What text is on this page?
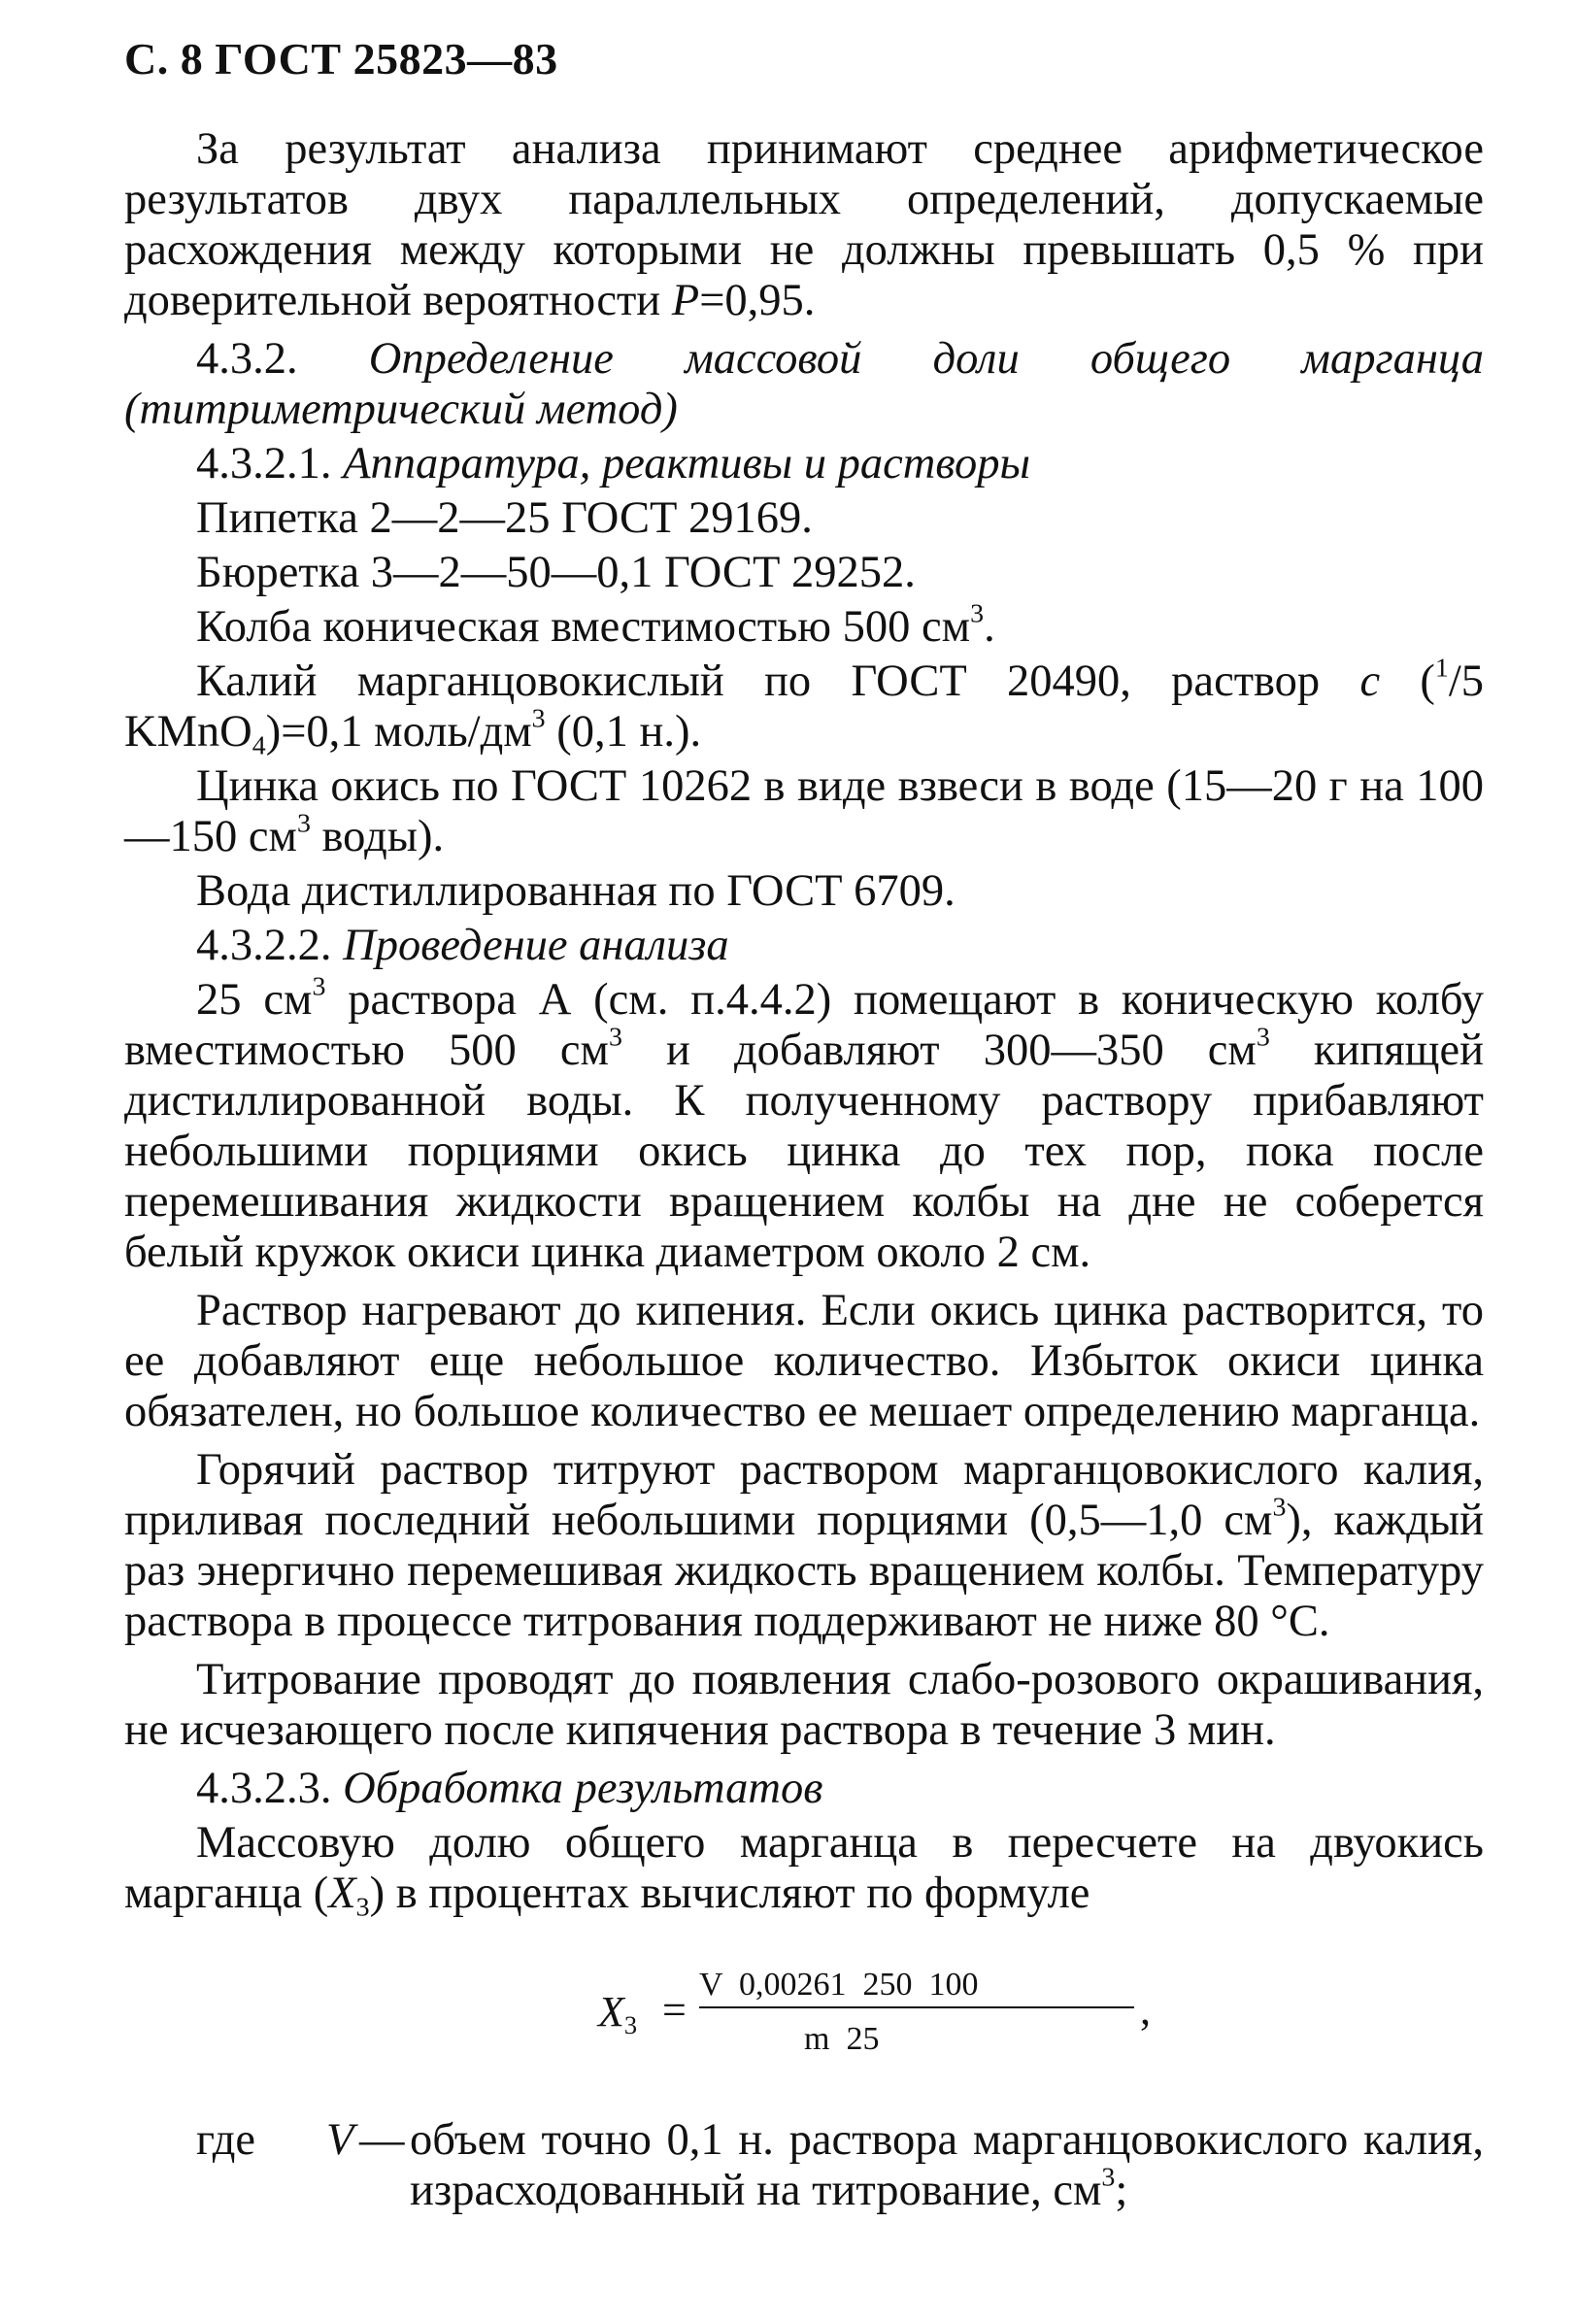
С. 8 ГОСТ 25823—83

За результат анализа принимают среднее арифметическое результатов двух параллельных определений, допускаемые расхождения между которыми не должны превышать 0,5 % при доверительной вероятности P=0,95.

4.3.2. Определение массовой доли общего марганца (титриметрический метод)

4.3.2.1. Аппаратура, реактивы и растворы

Пипетка 2—2—25 ГОСТ 29169.

Бюретка 3—2—50—0,1 ГОСТ 29252.

Колба коническая вместимостью 500 $см^3$.

Калий марганцовокислый по ГОСТ 20490, раствор c ($^1$/5 KMnO$_4$)=0,1 моль/$дм^3$ (0,1 н.).

Цинка окись по ГОСТ 10262 в виде взвеси в воде (15—20 г на 100—150 $см^3$ воды).

Вода дистиллированная по ГОСТ 6709.

4.3.2.2. Проведение анализа

25 $см^3$ раствора А (см. п.4.4.2) помещают в коническую колбу вместимостью 500 $см^3$ и добавляют 300—350 $см^3$ кипящей дистиллированной воды. К полученному раствору прибавляют небольшими порциями окись цинка до тех пор, пока после перемешивания жидкости вращением колбы на дне не соберется белый кружок окиси цинка диаметром около 2 см.

Раствор нагревают до кипения. Если окись цинка растворится, то ее добавляют еще небольшое количество. Избыток окиси цинка обязателен, но большое количество ее мешает определению марганца.

Горячий раствор титруют раствором марганцовокислого калия, приливая последний небольшими порциями (0,5—1,0 $см^3$), каждый раз энергично перемешивая жидкость вращением колбы. Температуру раствора в процессе титрования поддерживают не ниже 80 °С.

Титрование проводят до появления слабо-розового окрашивания, не исчезающего после кипячения раствора в течение 3 мин.

4.3.2.3. Обработка результатов

Массовую долю общего марганца в пересчете на двуокись марганца $(X_3)$ в процентах вычисляют по формуле

$X_3$ =
V  0,00261  250  100
m  25
,
где V — объем точно 0,1 н. раствора марганцовокислого калия, израсходованный на титрование, $см^3$;
